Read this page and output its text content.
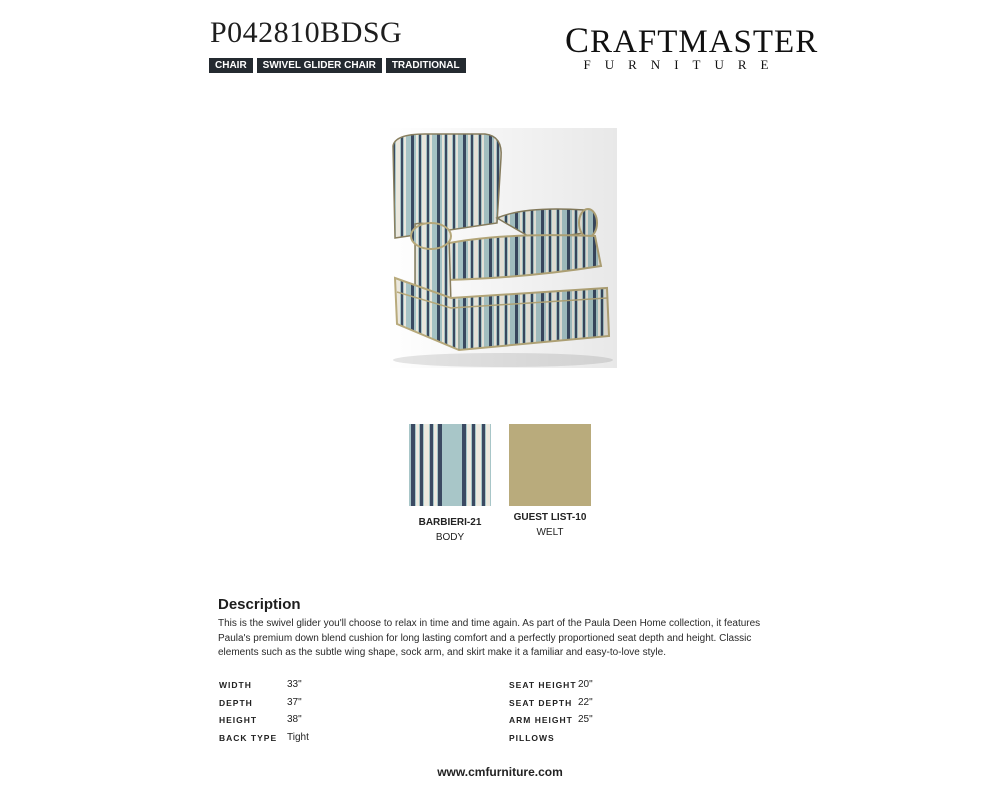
P042810BDSG
CHAIR	SWIVEL GLIDER CHAIR	TRADITIONAL
CRAFTMASTER
FURNITURE
BARBIERI-21
BODY
GUEST LIST-10
WELT
Description
This is the swivel glider you'll choose to relax in time and time again. As part of the Paula Deen Home collection, it features Paula's premium down blend cushion for long lasting comfort and a perfectly proportioned seat depth and height. Classic elements such as the subtle wing shape, sock arm, and skirt make it a familiar and easy-to-love style.
WIDTH	33"
DEPTH	37"
HEIGHT	38"
BACK TYPE Tight
SEAT HEIGHT 20"
SEAT DEPTH 22"
ARM HEIGHT 25"
PILLOWS
www.cmfurniture.com
